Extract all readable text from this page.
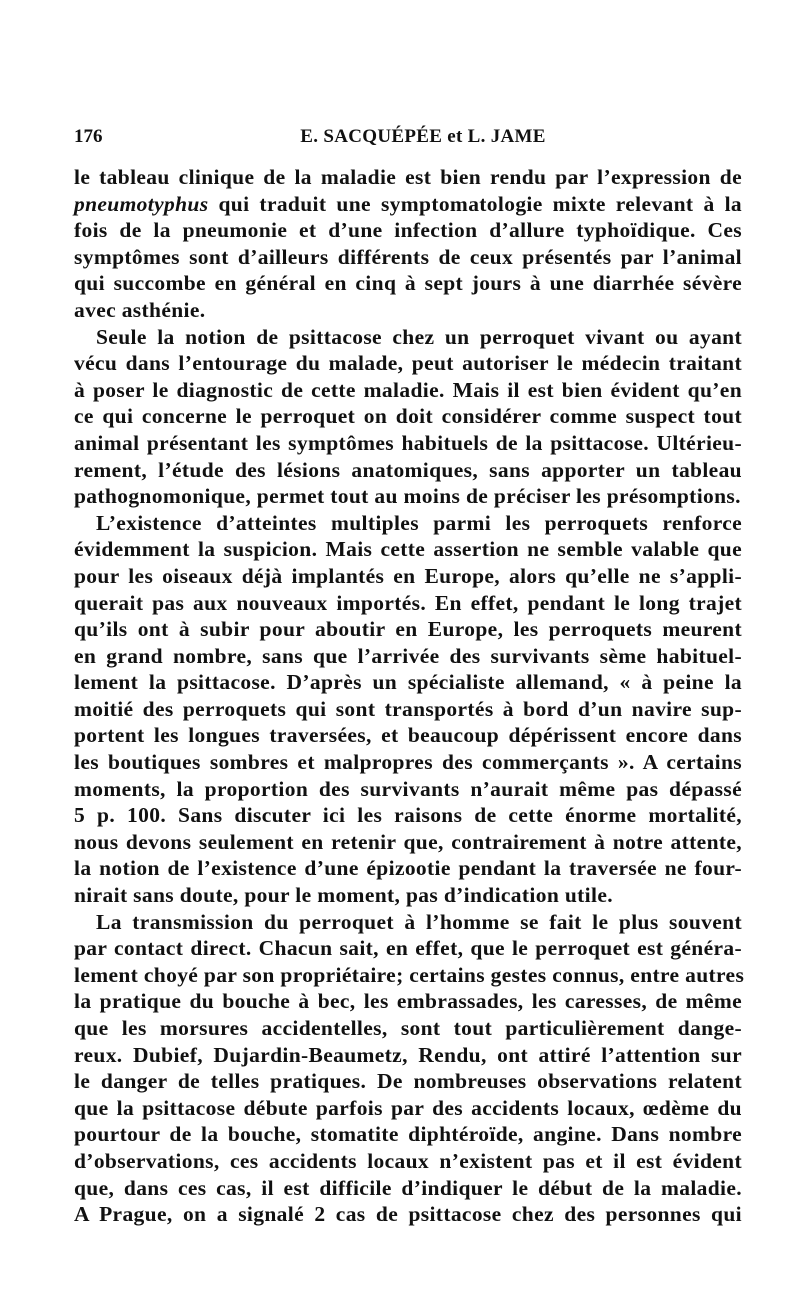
176	E. SACQUÉPÉE et L. JAME

le tableau clinique de la maladie est bien rendu par l’expression de
pneumotyphus qui traduit une symptomatologie mixte relevant à la
fois de la pneumonie et d’une infection d’allure typhoïdique. Ces
symptômes sont d’ailleurs différents de ceux présentés par l’animal
qui succombe en général en cinq à sept jours à une diarrhée sévère
avec asthénie.

Seule la notion de psittacose chez un perroquet vivant ou ayant
vécu dans l’entourage du malade, peut autoriser le médecin traitant
à poser le diagnostic de cette maladie. Mais il est bien évident qu’en
ce qui concerne le perroquet on doit considérer comme suspect tout
animal présentant les symptômes habituels de la psittacose. Ultérieu-
rement, l’étude des lésions anatomiques, sans apporter un tableau
pathognomonique, permet tout au moins de préciser les présomptions.

L’existence d’atteintes multiples parmi les perroquets renforce
évidemment la suspicion. Mais cette assertion ne semble valable que
pour les oiseaux déjà implantés en Europe, alors qu’elle ne s’appli-
querait pas aux nouveaux importés. En effet, pendant le long trajet
qu’ils ont à subir pour aboutir en Europe, les perroquets meurent
en grand nombre, sans que l’arrivée des survivants sème habituel-
lement la psittacose. D’après un spécialiste allemand, « à peine la
moitié des perroquets qui sont transportés à bord d’un navire sup-
portent les longues traversées, et beaucoup dépérissent encore dans
les boutiques sombres et malpropres des commerçants ». A certains
moments, la proportion des survivants n’aurait même pas dépassé
5 p. 100. Sans discuter ici les raisons de cette énorme mortalité,
nous devons seulement en retenir que, contrairement à notre attente,
la notion de l’existence d’une épizootie pendant la traversée ne four-
nirait sans doute, pour le moment, pas d’indication utile.

La transmission du perroquet à l’homme se fait le plus souvent
par contact direct. Chacun sait, en effet, que le perroquet est généra-
lement choyé par son propriétaire; certains gestes connus, entre autres
la pratique du bouche à bec, les embrassades, les caresses, de même
que les morsures accidentelles, sont tout particulièrement dange-
reux. Dubief, Dujardin-Beaumetz, Rendu, ont attiré l’attention sur
le danger de telles pratiques. De nombreuses observations relatent
que la psittacose débute parfois par des accidents locaux, œdème du
pourtour de la bouche, stomatite diphtéroïde, angine. Dans nombre
d’observations, ces accidents locaux n’existent pas et il est évident
que, dans ces cas, il est difficile d’indiquer le début de la maladie.
A Prague, on a signalé 2 cas de psittacose chez des personnes qui
